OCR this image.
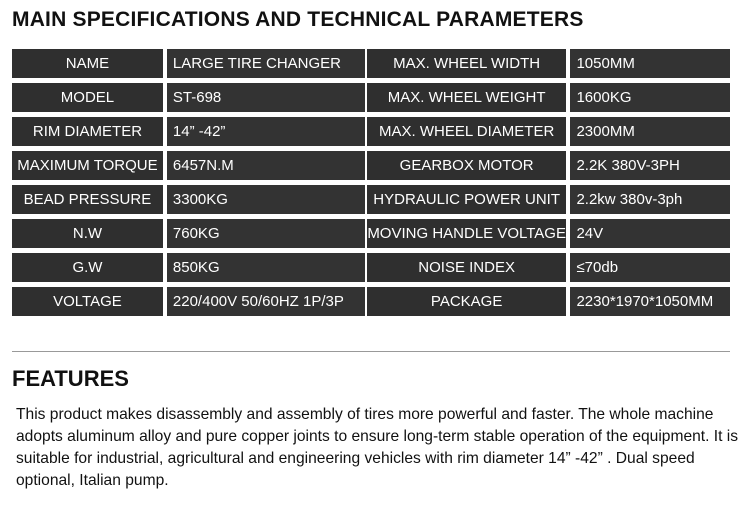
MAIN SPECIFICATIONS AND TECHNICAL PARAMETERS
NAME	LARGE TIRE CHANGER	MAX. WHEEL WIDTH	1050MM
MODEL	ST-698	MAX. WHEEL WEIGHT	1600KG
RIM DIAMETER	14” -42”	MAX. WHEEL DIAMETER	2300MM
MAXIMUM TORQUE	6457N.M	GEARBOX MOTOR	2.2K 380V-3PH
BEAD PRESSURE	3300KG	HYDRAULIC POWER UNIT	2.2kw 380v-3ph
N.W	760KG	MOVING HANDLE VOLTAGE	24V
G.W	850KG	NOISE INDEX	≤70db
VOLTAGE	220/400V 50/60HZ 1P/3P	PACKAGE	2230*1970*1050MM
FEATURES
This product makes disassembly and assembly of tires more powerful and faster. The whole machine adopts aluminum alloy and pure copper joints to ensure long-term stable operation of the equipment. It is suitable for industrial, agricultural and engineering vehicles with rim diameter 14” -42” . Dual speed optional, Italian pump.
